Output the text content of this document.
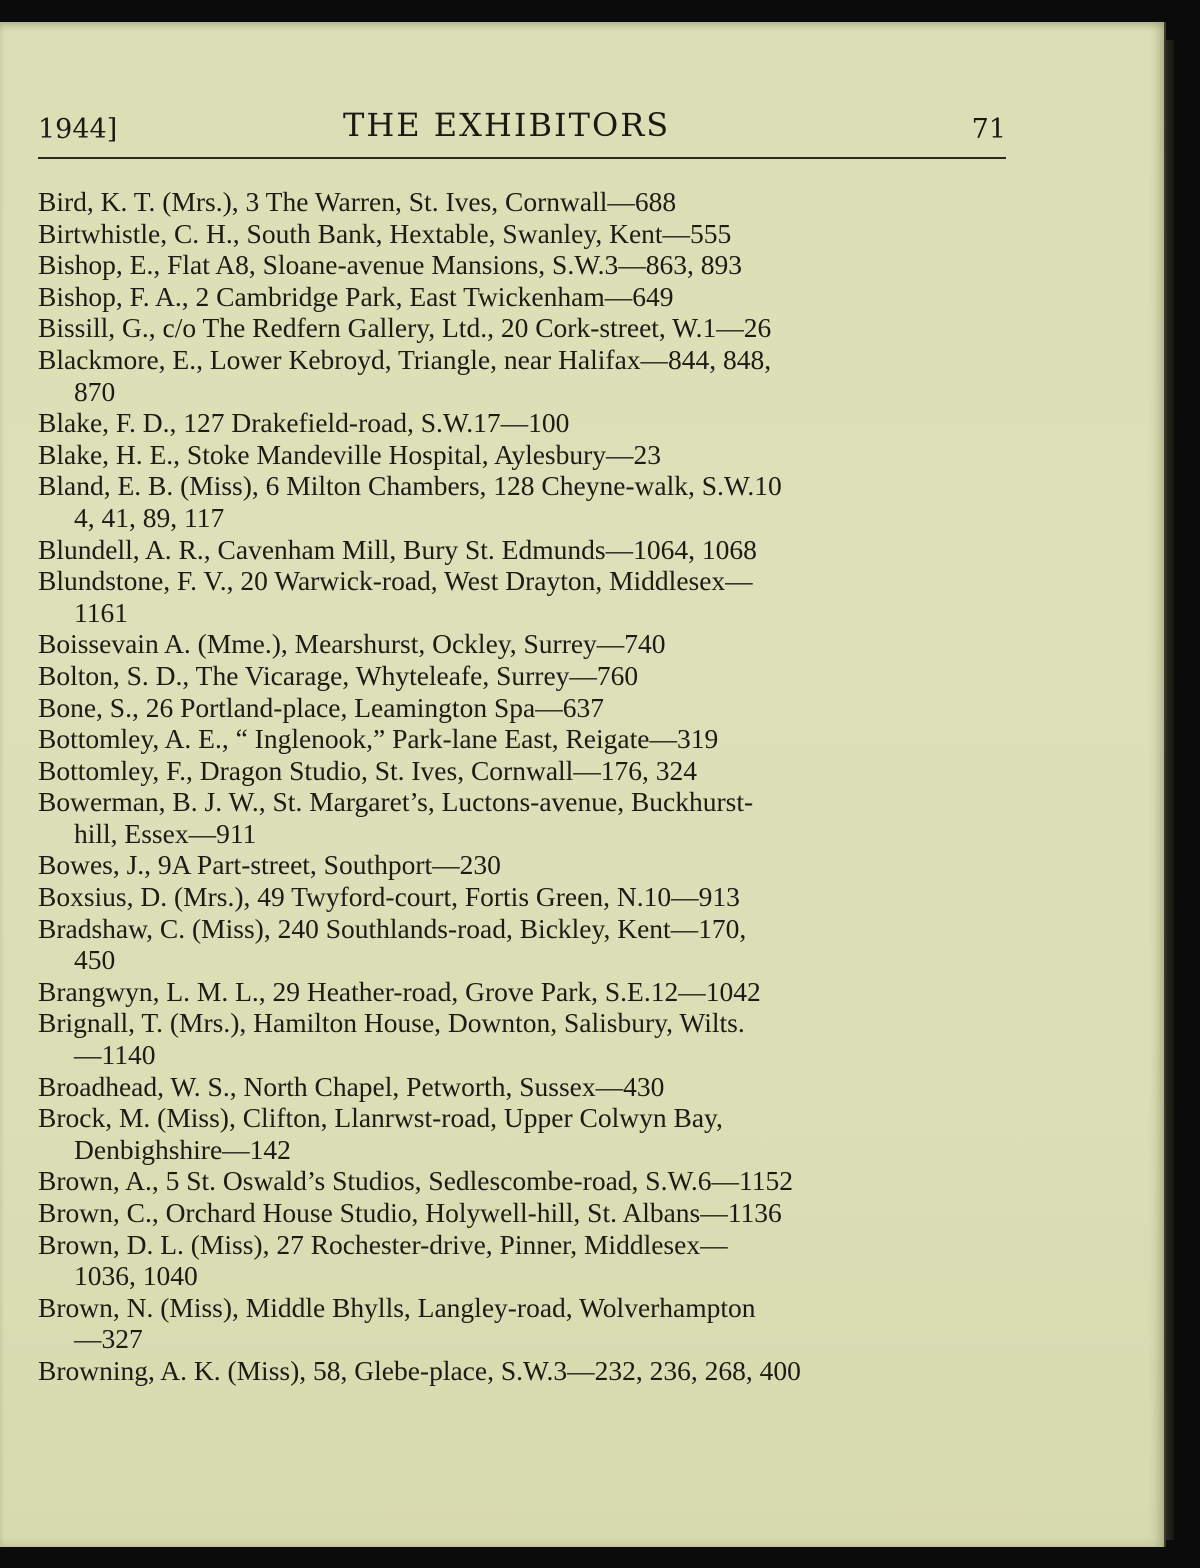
1944]	THE EXHIBITORS	71
Bird, K. T. (Mrs.), 3 The Warren, St. Ives, Cornwall—688
Birtwhistle, C. H., South Bank, Hextable, Swanley, Kent—555
Bishop, E., Flat A8, Sloane-avenue Mansions, S.W.3—863, 893
Bishop, F. A., 2 Cambridge Park, East Twickenham—649
Bissill, G., c/o The Redfern Gallery, Ltd., 20 Cork-street, W.1—26
Blackmore, E., Lower Kebroyd, Triangle, near Halifax—844, 848,
870
Blake, F. D., 127 Drakefield-road, S.W.17—100
Blake, H. E., Stoke Mandeville Hospital, Aylesbury—23
Bland, E. B. (Miss), 6 Milton Chambers, 128 Cheyne-walk, S.W.10
4, 41, 89, 117
Blundell, A. R., Cavenham Mill, Bury St. Edmunds—1064, 1068
Blundstone, F. V., 20 Warwick-road, West Drayton, Middlesex—
1161
Boissevain A. (Mme.), Mearshurst, Ockley, Surrey—740
Bolton, S. D., The Vicarage, Whyteleafe, Surrey—760
Bone, S., 26 Portland-place, Leamington Spa—637
Bottomley, A. E., “ Inglenook,” Park-lane East, Reigate—319
Bottomley, F., Dragon Studio, St. Ives, Cornwall—176, 324
Bowerman, B. J. W., St. Margaret’s, Luctons-avenue, Buckhurst-
hill, Essex—911
Bowes, J., 9A Part-street, Southport—230
Boxsius, D. (Mrs.), 49 Twyford-court, Fortis Green, N.10—913
Bradshaw, C. (Miss), 240 Southlands-road, Bickley, Kent—170,
450
Brangwyn, L. M. L., 29 Heather-road, Grove Park, S.E.12—1042
Brignall, T. (Mrs.), Hamilton House, Downton, Salisbury, Wilts.
—1140
Broadhead, W. S., North Chapel, Petworth, Sussex—430
Brock, M. (Miss), Clifton, Llanrwst-road, Upper Colwyn Bay,
Denbighshire—142
Brown, A., 5 St. Oswald’s Studios, Sedlescombe-road, S.W.6—1152
Brown, C., Orchard House Studio, Holywell-hill, St. Albans—1136
Brown, D. L. (Miss), 27 Rochester-drive, Pinner, Middlesex—
1036, 1040
Brown, N. (Miss), Middle Bhylls, Langley-road, Wolverhampton
—327
Browning, A. K. (Miss), 58, Glebe-place, S.W.3—232, 236, 268, 400
